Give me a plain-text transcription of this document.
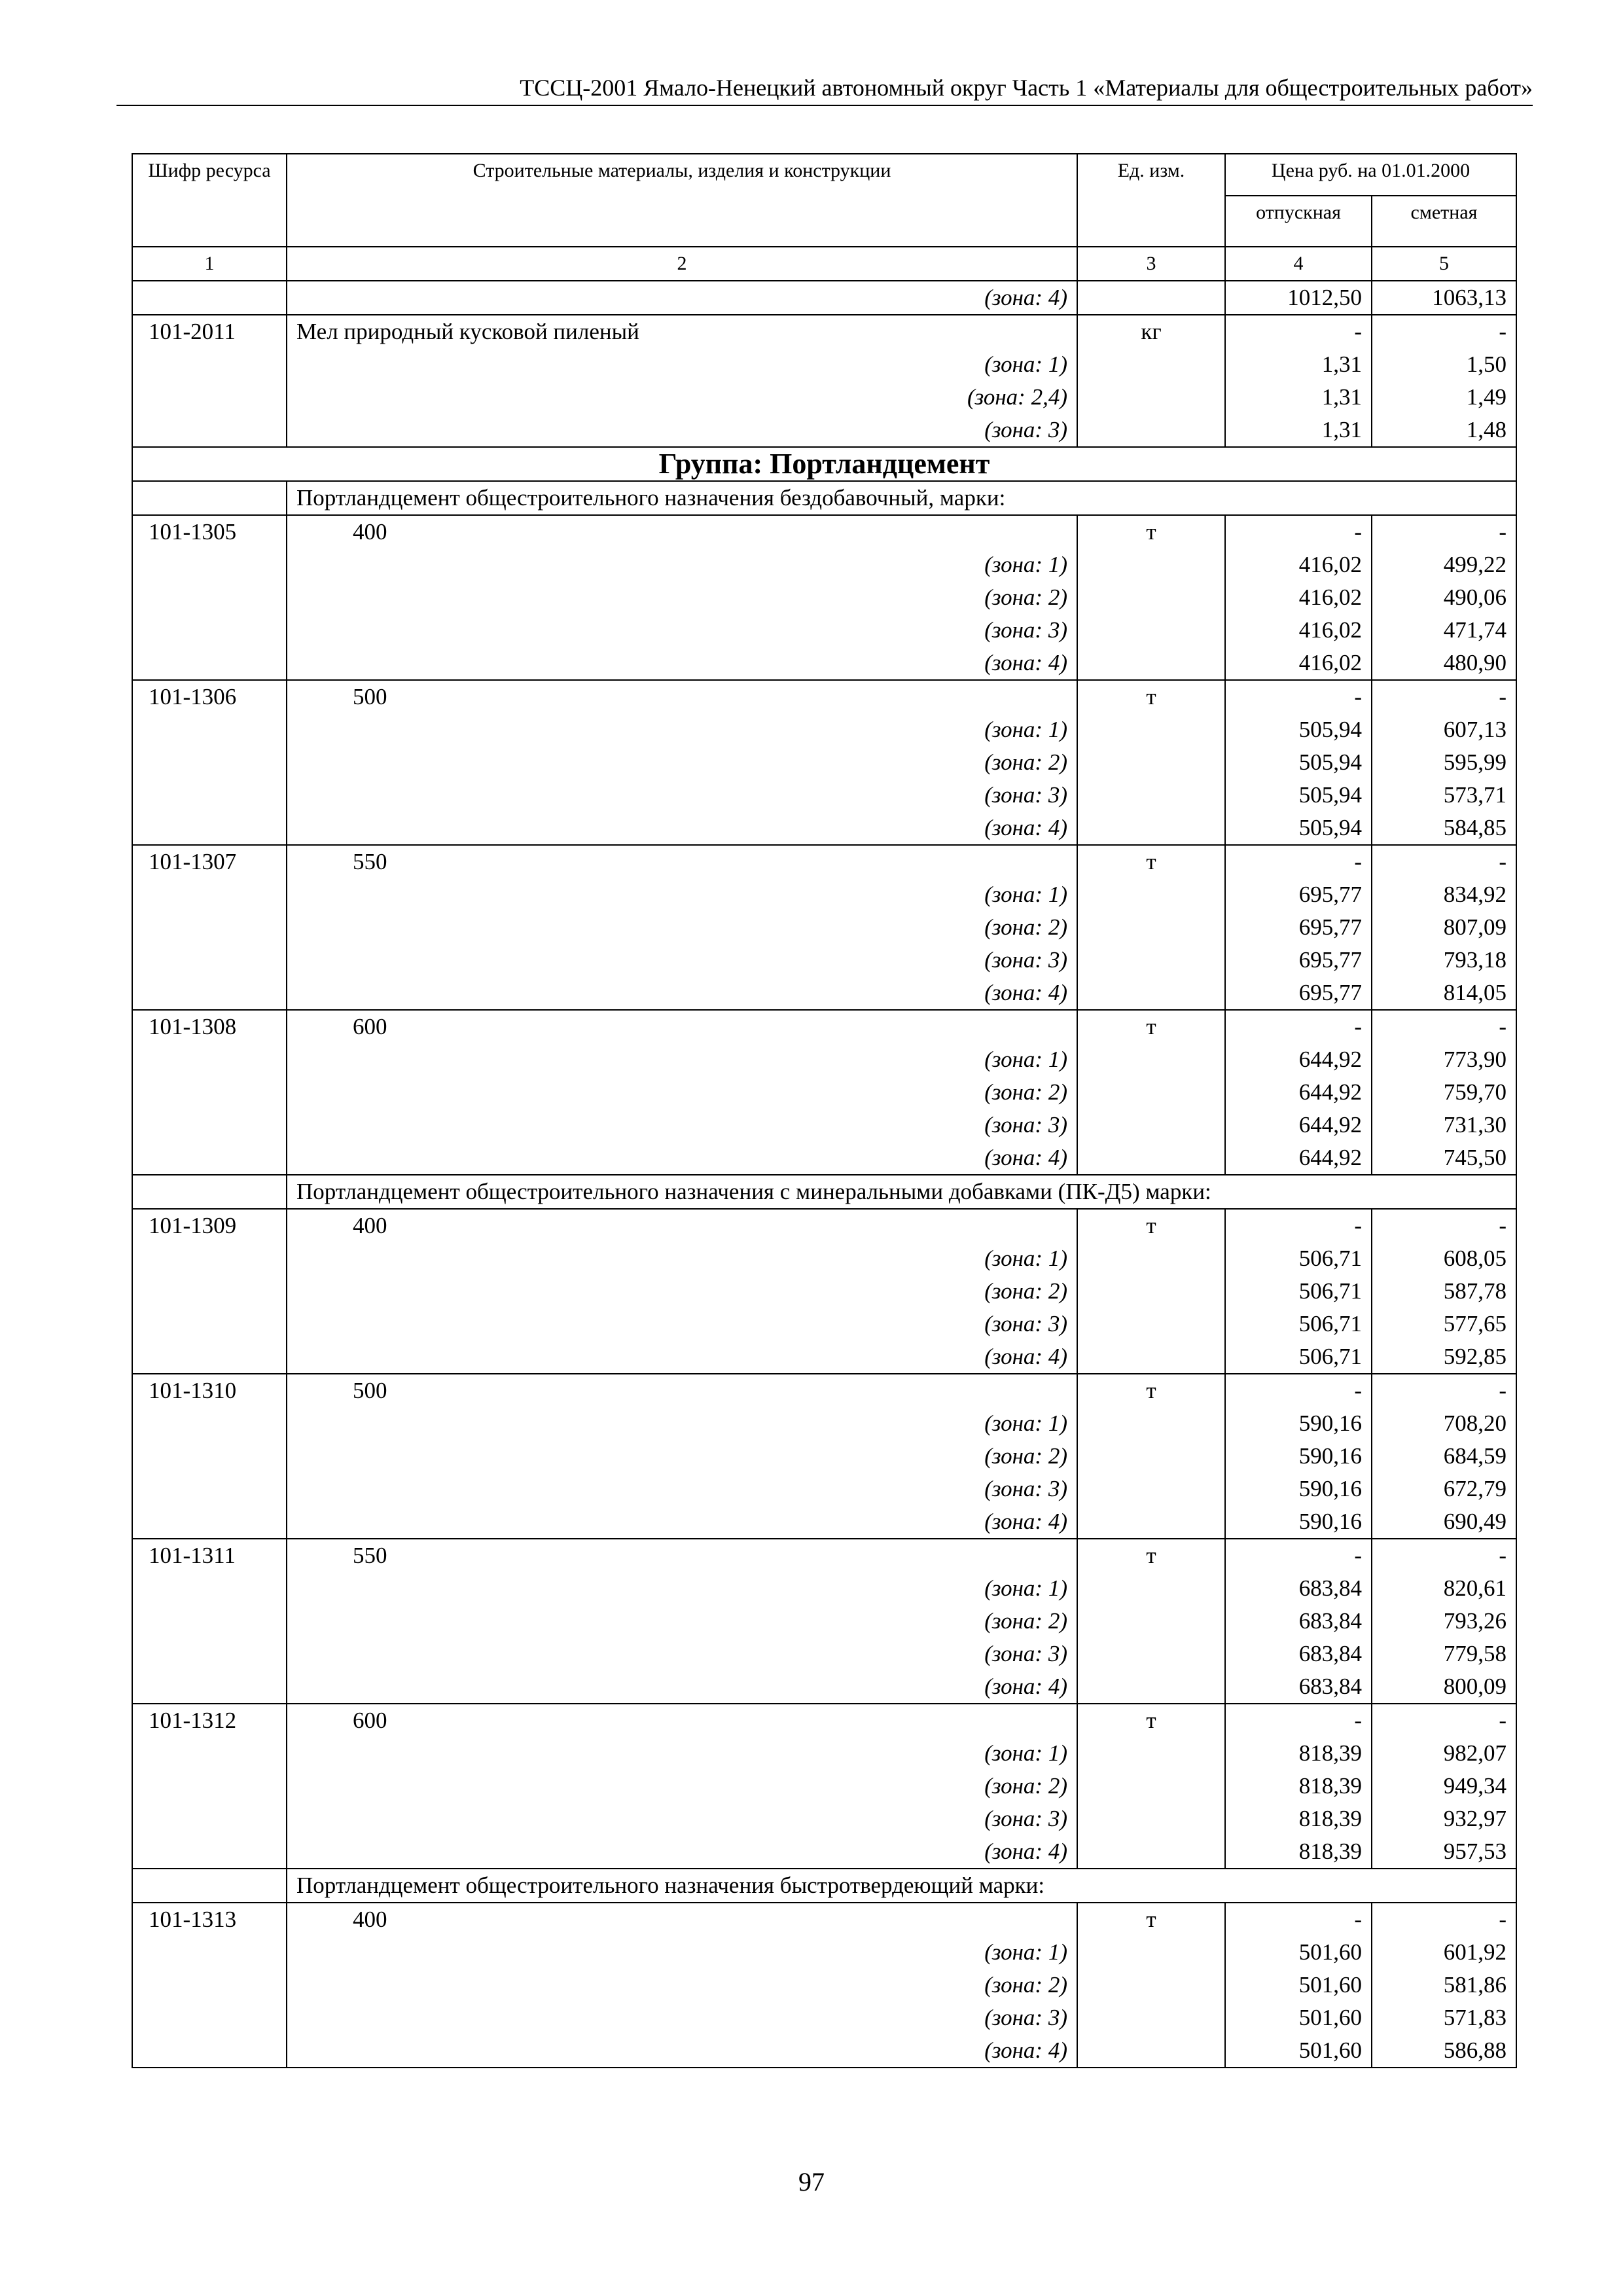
ТССЦ-2001 Ямало-Ненецкий автономный округ Часть 1 «Материалы для общестроительных работ»
Шифр ресурса	Строительные материалы, изделия и конструкции	Ед. изм.	Цена руб. на 01.01.2000	
			отпускная	сметная
1	2	3	4	5
	(зона: 4)		1012,50	1063,13
101-2011	Мел природный кусковой пиленый	кг	-	-
	(зона: 1)		1,31	1,50
	(зона: 2,4)		1,31	1,49
	(зона: 3)		1,31	1,48
Группа: Портландцемент				
	Портландцемент общестроительного назначения бездобавочный, марки:			
101-1305	400	т	-	-
	(зона: 1)		416,02	499,22
	(зона: 2)		416,02	490,06
	(зона: 3)		416,02	471,74
	(зона: 4)		416,02	480,90
101-1306	500	т	-	-
	(зона: 1)		505,94	607,13
	(зона: 2)		505,94	595,99
	(зона: 3)		505,94	573,71
	(зона: 4)		505,94	584,85
101-1307	550	т	-	-
	(зона: 1)		695,77	834,92
	(зона: 2)		695,77	807,09
	(зона: 3)		695,77	793,18
	(зона: 4)		695,77	814,05
101-1308	600	т	-	-
	(зона: 1)		644,92	773,90
	(зона: 2)		644,92	759,70
	(зона: 3)		644,92	731,30
	(зона: 4)		644,92	745,50
	Портландцемент общестроительного назначения с минеральными добавками (ПК-Д5) марки:			
101-1309	400	т	-	-
	(зона: 1)		506,71	608,05
	(зона: 2)		506,71	587,78
	(зона: 3)		506,71	577,65
	(зона: 4)		506,71	592,85
101-1310	500	т	-	-
	(зона: 1)		590,16	708,20
	(зона: 2)		590,16	684,59
	(зона: 3)		590,16	672,79
	(зона: 4)		590,16	690,49
101-1311	550	т	-	-
	(зона: 1)		683,84	820,61
	(зона: 2)		683,84	793,26
	(зона: 3)		683,84	779,58
	(зона: 4)		683,84	800,09
101-1312	600	т	-	-
	(зона: 1)		818,39	982,07
	(зона: 2)		818,39	949,34
	(зона: 3)		818,39	932,97
	(зона: 4)		818,39	957,53
	Портландцемент общестроительного назначения быстротвердеющий марки:			
101-1313	400	т	-	-
	(зона: 1)		501,60	601,92
	(зона: 2)		501,60	581,86
	(зона: 3)		501,60	571,83
	(зона: 4)		501,60	586,88
97
